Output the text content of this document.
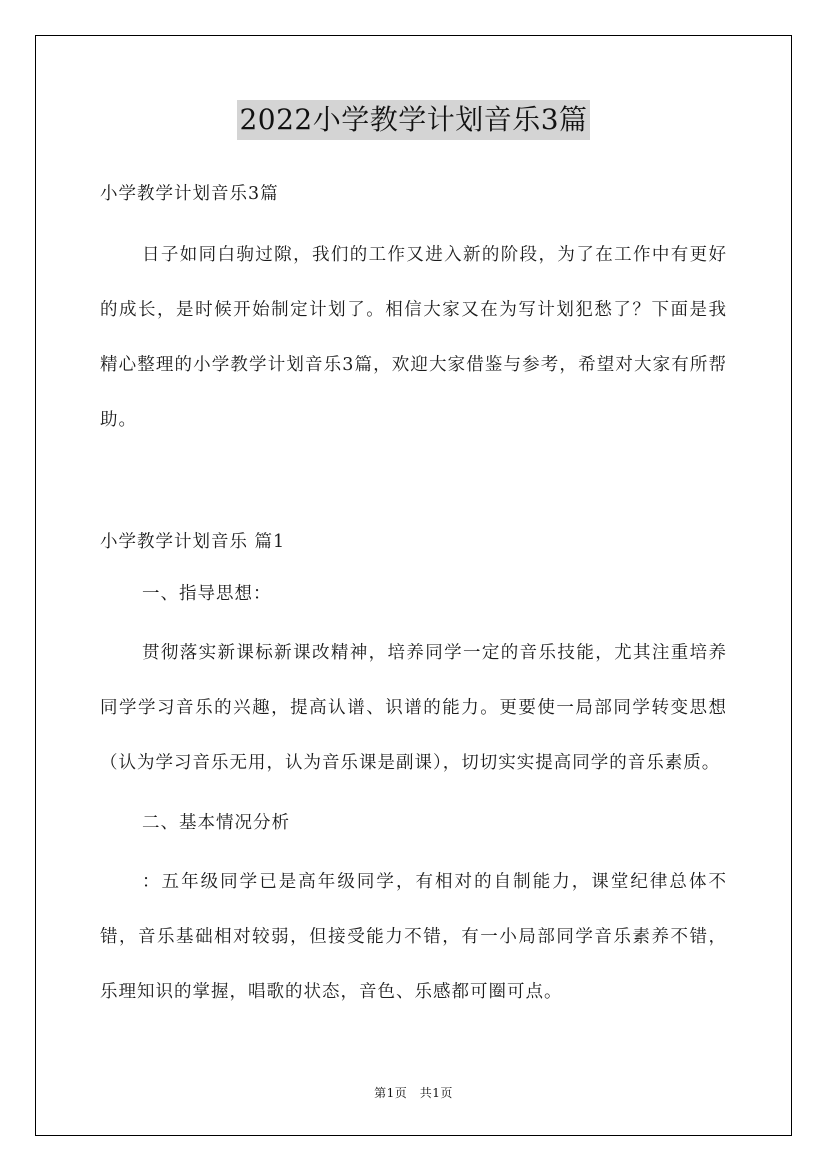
2022小学教学计划音乐3篇

小学教学计划音乐3篇

日子如同白驹过隙，我们的工作又进入新的阶段，为了在工作中有更好的成长，是时候开始制定计划了。相信大家又在为写计划犯愁了？下面是我精心整理的小学教学计划音乐3篇，欢迎大家借鉴与参考，希望对大家有所帮助。

小学教学计划音乐 篇1

一、指导思想：

贯彻落实新课标新课改精神，培养同学一定的音乐技能，尤其注重培养同学学习音乐的兴趣，提高认谱、识谱的能力。更要使一局部同学转变思想（认为学习音乐无用，认为音乐课是副课），切切实实提高同学的音乐素质。

二、基本情况分析

：五年级同学已是高年级同学，有相对的自制能力，课堂纪律总体不错，音乐基础相对较弱，但接受能力不错，有一小局部同学音乐素养不错，乐理知识的掌握，唱歌的状态，音色、乐感都可圈可点。

第1页　共1页
